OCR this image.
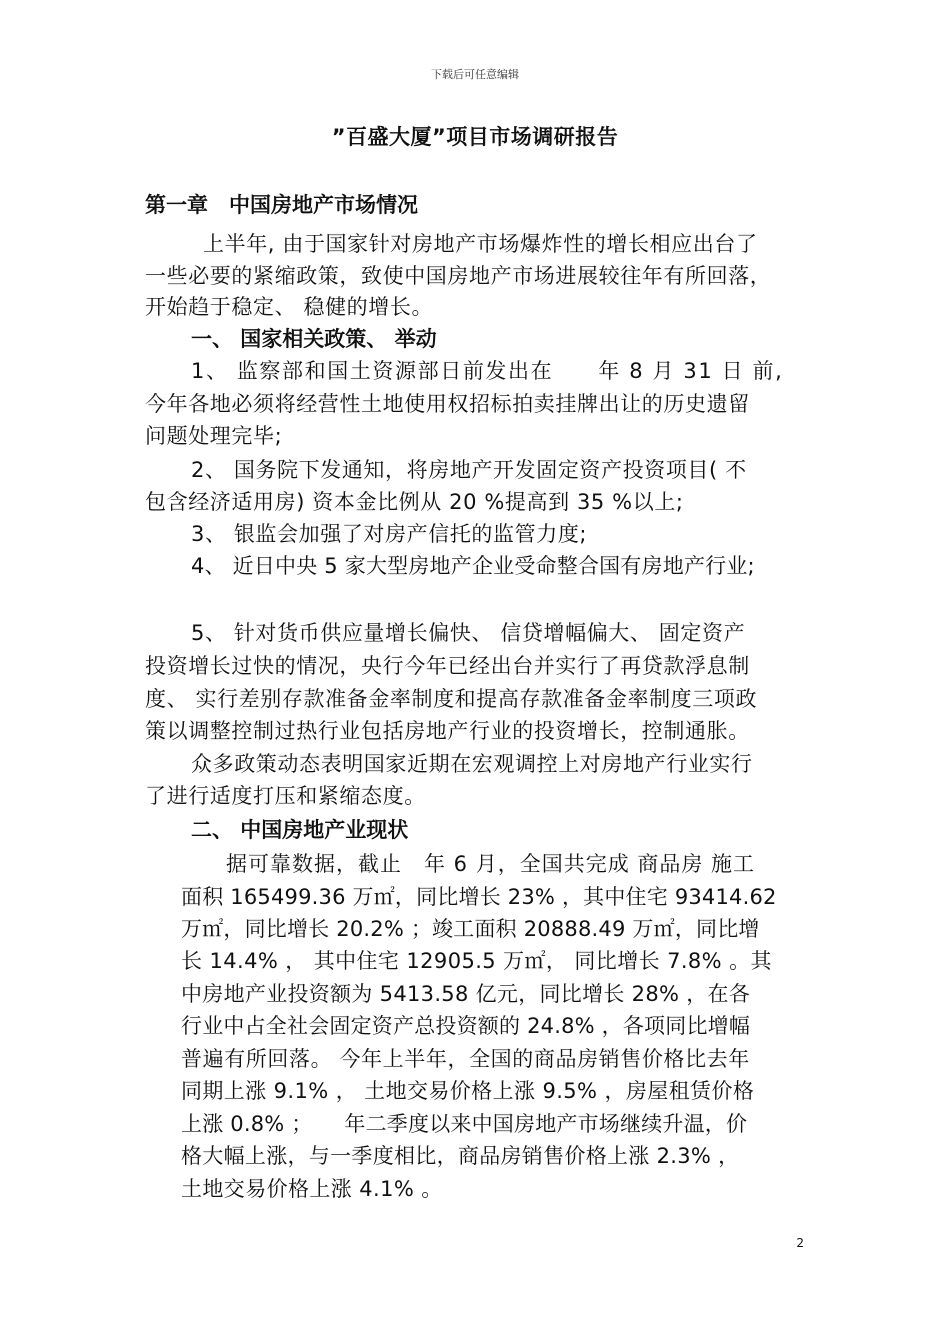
下载后可任意编辑
”百盛大厦”项目市场调研报告
第一章　中国房地产市场情况
上半年, 由于国家针对房地产市场爆炸性的增长相应出台了
一些必要的紧缩政策，致使中国房地产市场进展较往年有所回落，
开始趋于稳定、 稳健的增长。
一、 国家相关政策、 举动
1、 监察部和国土资源部日前发出在　　年 8 月 31 日 前,
今年各地必须将经营性土地使用权招标拍卖挂牌出让的历史遗留
问题处理完毕;
2、 国务院下发通知，将房地产开发固定资产投资项目( 不
包含经济适用房) 资本金比例从 20 %提高到 35 %以上;
3、 银监会加强了对房产信托的监管力度;
4、 近日中央 5 家大型房地产企业受命整合国有房地产行业;
5、 针对货币供应量增长偏快、 信贷增幅偏大、 固定资产
投资增长过快的情况，央行今年已经出台并实行了再贷款浮息制
度、 实行差别存款准备金率制度和提高存款准备金率制度三项政
策以调整控制过热行业包括房地产行业的投资增长，控制通胀。
众多政策动态表明国家近期在宏观调控上对房地产行业实行
了进行适度打压和紧缩态度。
二、 中国房地产业现状
据可靠数据，截止　年 6 月，全国共完成 商品房 施工
面积 165499.36 万㎡，同比增长 23% ，其中住宅 93414.62
万㎡，同比增长 20.2% ；竣工面积 20888.49 万㎡，同比增
长 14.4% ， 其中住宅 12905.5 万㎡， 同比增长 7.8% 。其
中房地产业投资额为 5413.58 亿元，同比增长 28% ，在各
行业中占全社会固定资产总投资额的 24.8% ，各项同比增幅
普遍有所回落。 今年上半年，全国的商品房销售价格比去年
同期上涨 9.1% ， 土地交易价格上涨 9.5% ，房屋租赁价格
上涨 0.8% ；　　年二季度以来中国房地产市场继续升温，价
格大幅上涨，与一季度相比，商品房销售价格上涨 2.3% ，
土地交易价格上涨 4.1% 。
2
